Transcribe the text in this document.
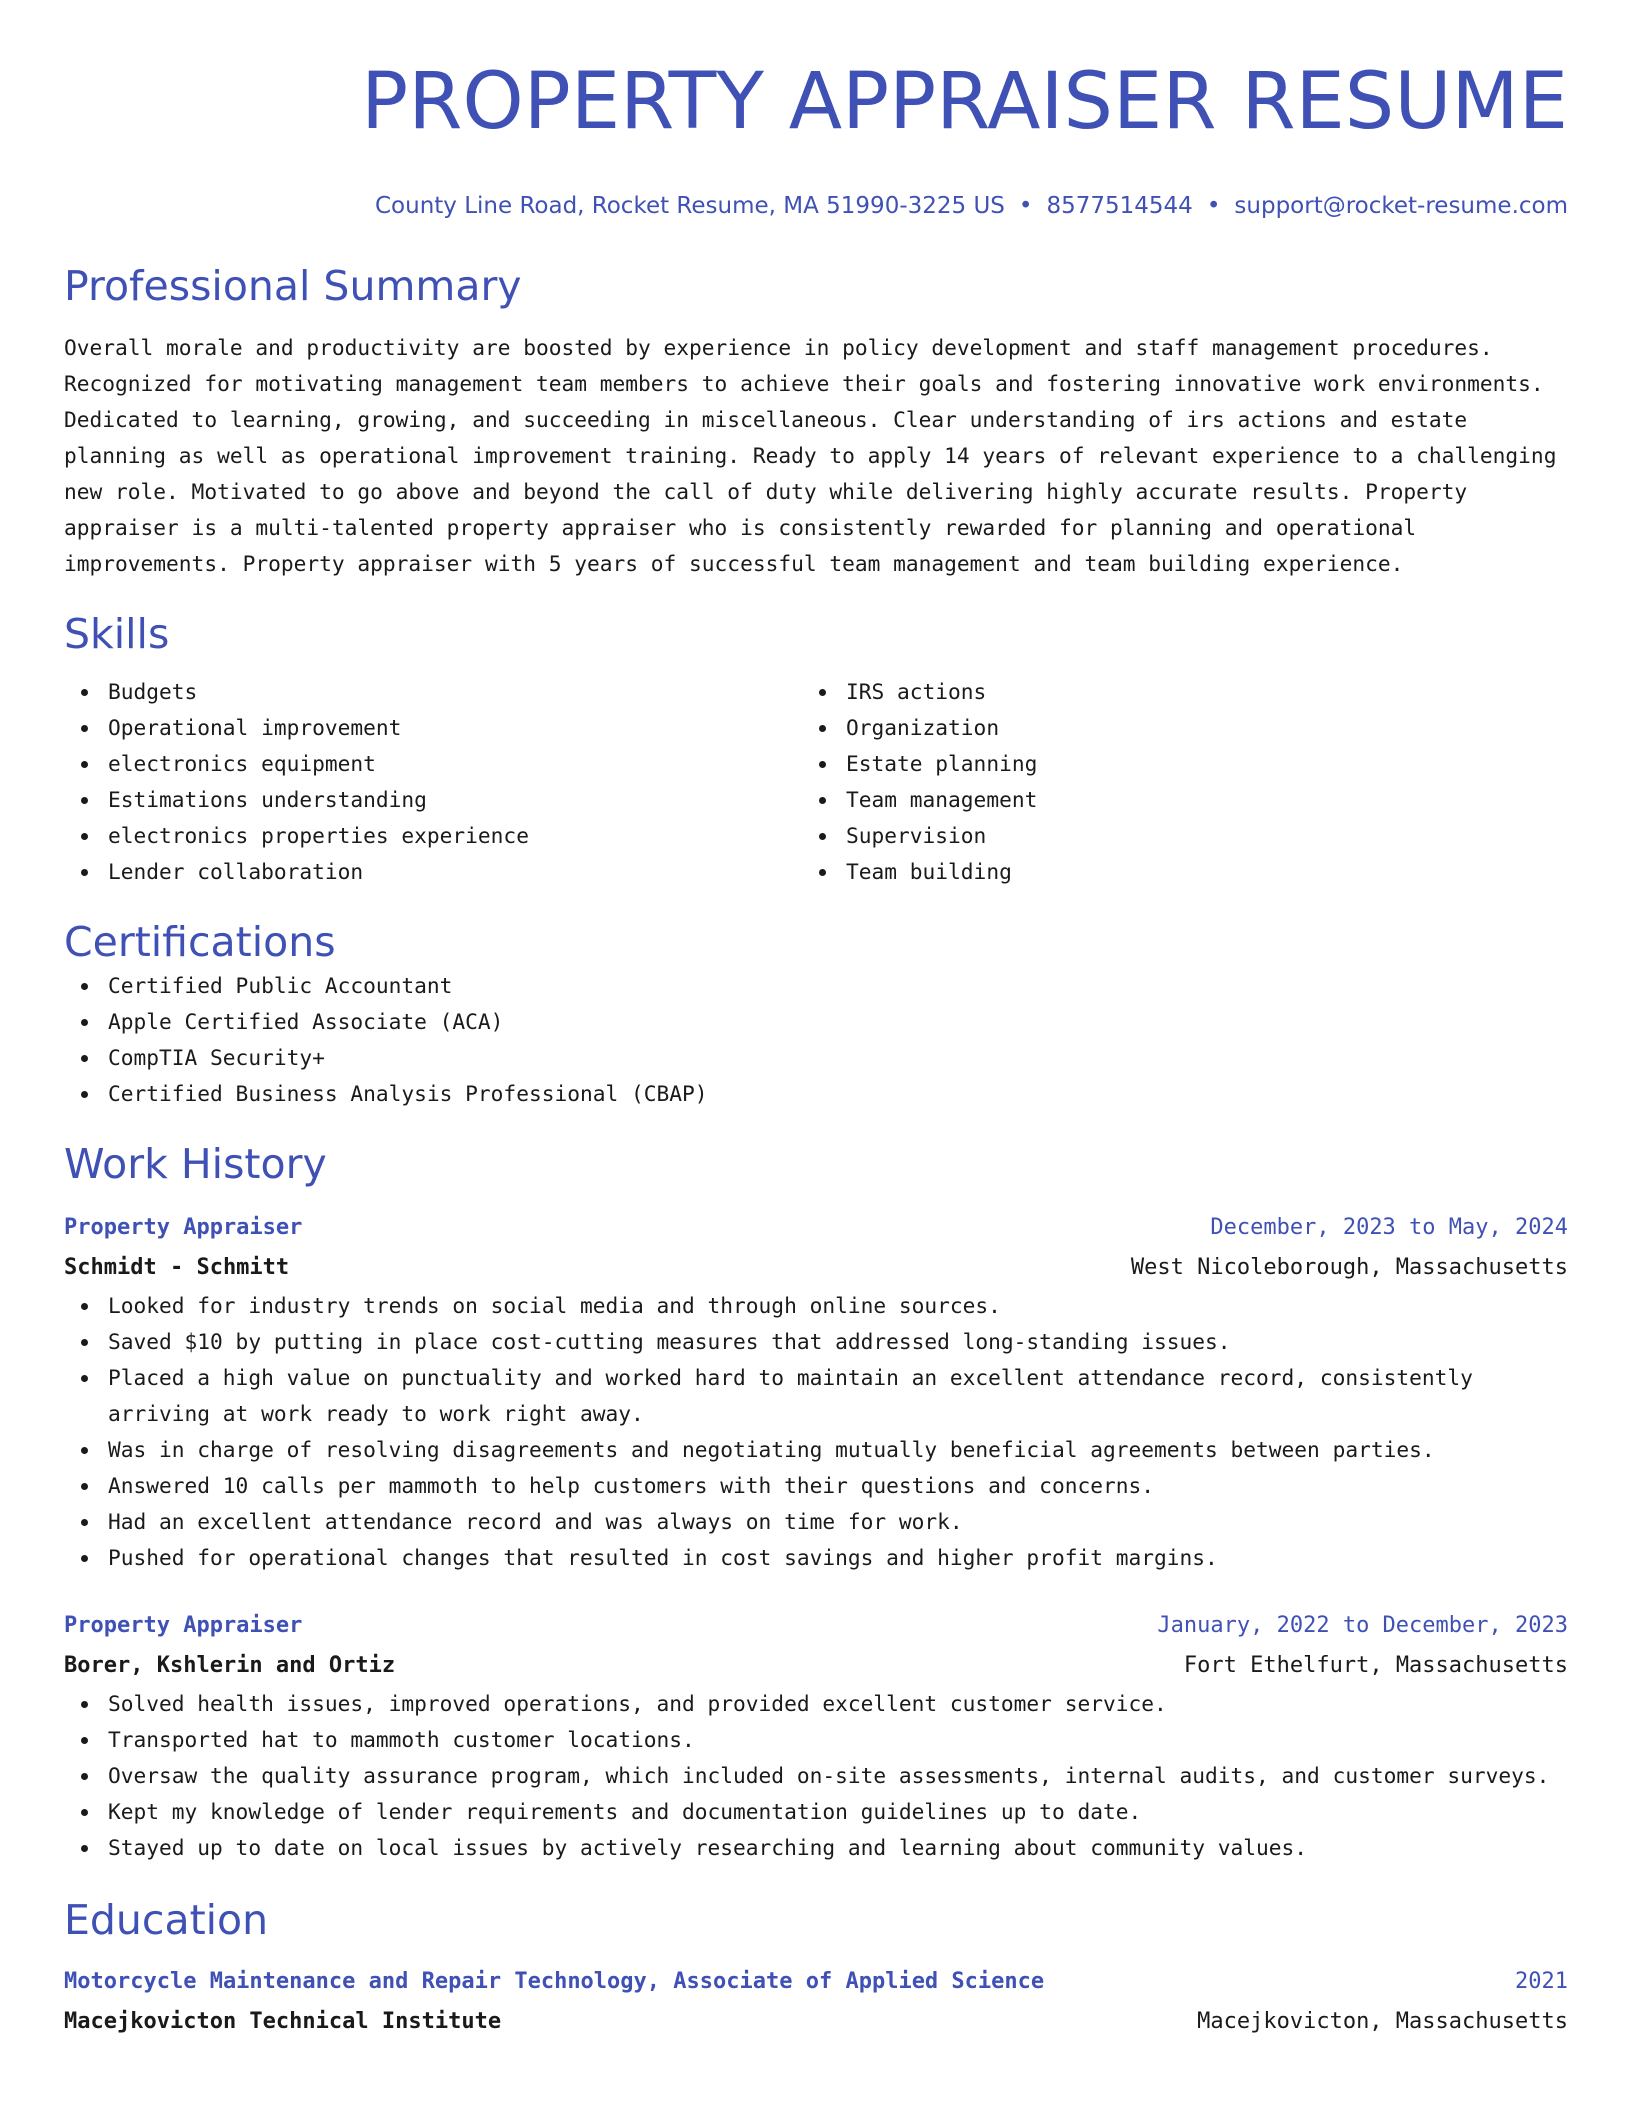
PROPERTY APPRAISER RESUME
County Line Road, Rocket Resume, MA 51990-3225 US • 8577514544 • support@rocket-resume.com
Professional Summary

Overall morale and productivity are boosted by experience in policy development and staff management procedures. Recognized for motivating management team members to achieve their goals and fostering innovative work environments. Dedicated to learning, growing, and succeeding in miscellaneous. Clear understanding of irs actions and estate planning as well as operational improvement training. Ready to apply 14 years of relevant experience to a challenging new role. Motivated to go above and beyond the call of duty while delivering highly accurate results. Property appraiser is a multi-talented property appraiser who is consistently rewarded for planning and operational improvements. Property appraiser with 5 years of successful team management and team building experience.

Skills
Budgets
Operational improvement
electronics equipment
Estimations understanding
electronics properties experience
Lender collaboration
IRS actions
Organization
Estate planning
Team management
Supervision
Team building
Certifications
Certified Public Accountant
Apple Certified Associate (ACA)
CompTIA Security+
Certified Business Analysis Professional (CBAP)
Work History
Property Appraiser	December, 2023 to May, 2024
Schmidt - Schmitt	West Nicoleborough, Massachusetts
Looked for industry trends on social media and through online sources.
Saved $10 by putting in place cost-cutting measures that addressed long-standing issues.
Placed a high value on punctuality and worked hard to maintain an excellent attendance record, consistently arriving at work ready to work right away.
Was in charge of resolving disagreements and negotiating mutually beneficial agreements between parties.
Answered 10 calls per mammoth to help customers with their questions and concerns.
Had an excellent attendance record and was always on time for work.
Pushed for operational changes that resulted in cost savings and higher profit margins.
Property Appraiser	January, 2022 to December, 2023
Borer, Kshlerin and Ortiz	Fort Ethelfurt, Massachusetts
Solved health issues, improved operations, and provided excellent customer service.
Transported hat to mammoth customer locations.
Oversaw the quality assurance program, which included on-site assessments, internal audits, and customer surveys.
Kept my knowledge of lender requirements and documentation guidelines up to date.
Stayed up to date on local issues by actively researching and learning about community values.
Education
Motorcycle Maintenance and Repair Technology, Associate of Applied Science	2021
Macejkovicton Technical Institute	Macejkovicton, Massachusetts
